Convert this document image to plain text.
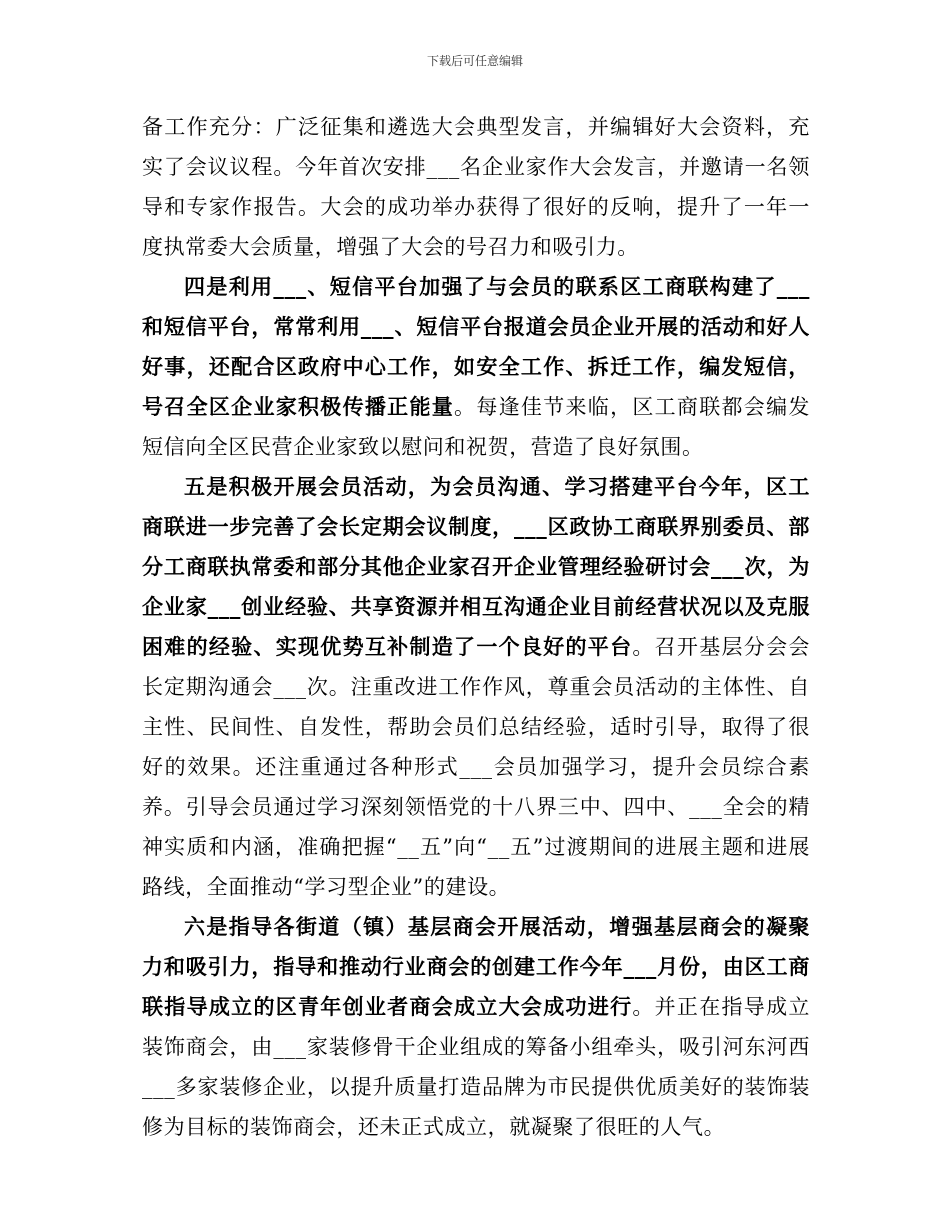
下载后可任意编辑

备工作充分：广泛征集和遴选大会典型发言，并编辑好大会资料，充实了会议议程。今年首次安排___名企业家作大会发言，并邀请一名领导和专家作报告。大会的成功举办获得了很好的反响，提升了一年一度执常委大会质量，增强了大会的号召力和吸引力。

四是利用___、短信平台加强了与会员的联系区工商联构建了___和短信平台，常常利用___、短信平台报道会员企业开展的活动和好人好事，还配合区政府中心工作，如安全工作、拆迁工作，编发短信，号召全区企业家积极传播正能量。每逢佳节来临，区工商联都会编发短信向全区民营企业家致以慰问和祝贺，营造了良好氛围。

五是积极开展会员活动，为会员沟通、学习搭建平台今年，区工商联进一步完善了会长定期会议制度，___区政协工商联界别委员、部分工商联执常委和部分其他企业家召开企业管理经验研讨会___次，为企业家___创业经验、共享资源并相互沟通企业目前经营状况以及克服困难的经验、实现优势互补制造了一个良好的平台。召开基层分会会长定期沟通会___次。注重改进工作作风，尊重会员活动的主体性、自主性、民间性、自发性，帮助会员们总结经验，适时引导，取得了很好的效果。还注重通过各种形式___会员加强学习，提升会员综合素养。引导会员通过学习深刻领悟党的十八界三中、四中、___全会的精神实质和内涵，准确把握“__五”向“__五”过渡期间的进展主题和进展路线，全面推动“学习型企业”的建设。

六是指导各街道（镇）基层商会开展活动，增强基层商会的凝聚力和吸引力，指导和推动行业商会的创建工作今年___月份，由区工商联指导成立的区青年创业者商会成立大会成功进行。并正在指导成立装饰商会，由___家装修骨干企业组成的筹备小组牵头，吸引河东河西___多家装修企业，以提升质量打造品牌为市民提供优质美好的装饰装修为目标的装饰商会，还未正式成立，就凝聚了很旺的人气。
